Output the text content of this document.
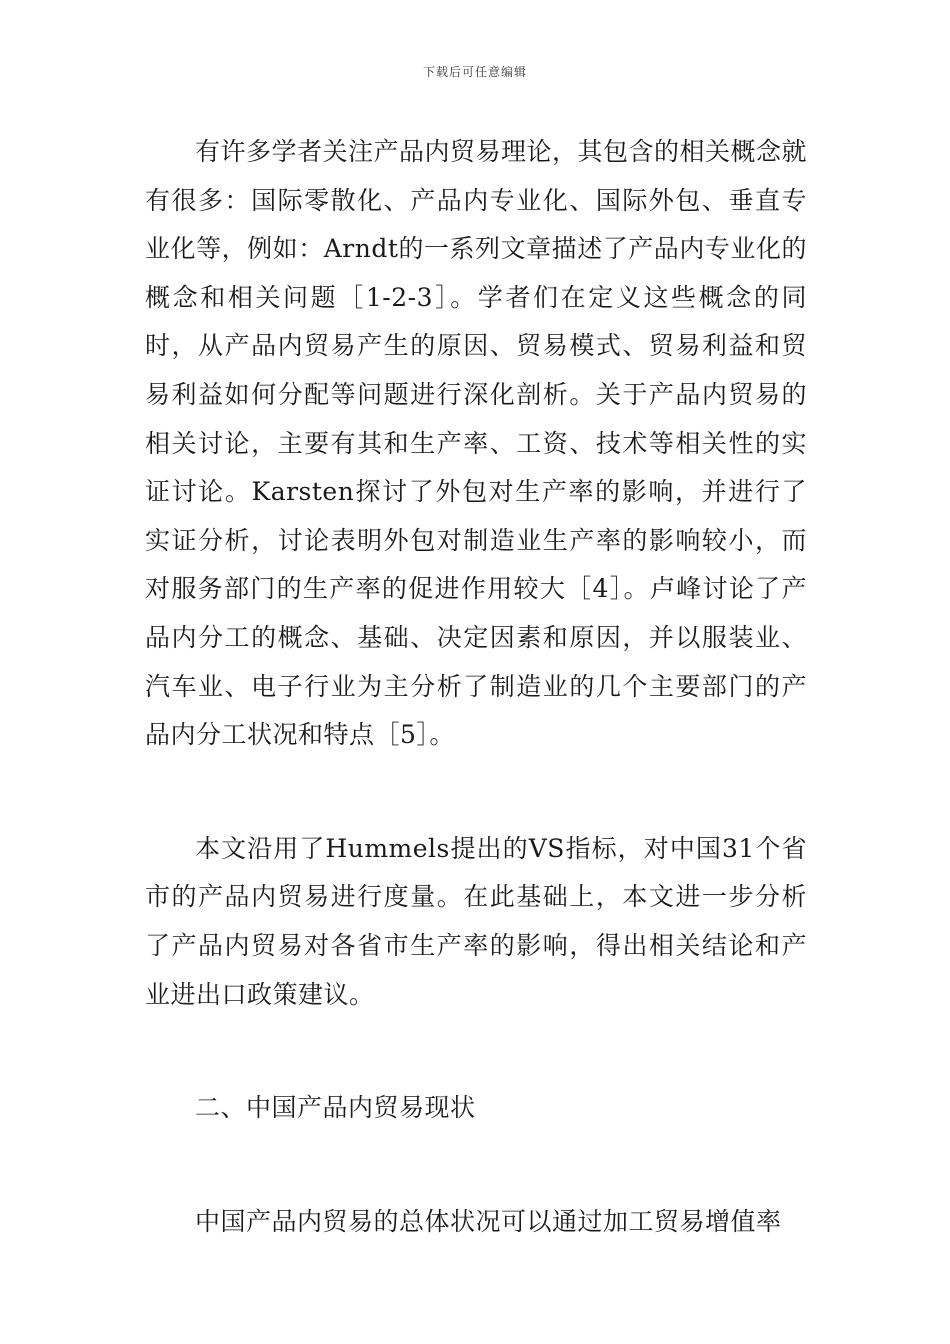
下载后可任意编辑

有许多学者关注产品内贸易理论，其包含的相关概念就有很多：国际零散化、产品内专业化、国际外包、垂直专业化等，例如：Arndt的一系列文章描述了产品内专业化的概念和相关问题［1-2-3］。学者们在定义这些概念的同时，从产品内贸易产生的原因、贸易模式、贸易利益和贸易利益如何分配等问题进行深化剖析。关于产品内贸易的相关讨论，主要有其和生产率、工资、技术等相关性的实证讨论。Karsten探讨了外包对生产率的影响，并进行了实证分析，讨论表明外包对制造业生产率的影响较小，而对服务部门的生产率的促进作用较大［4］。卢峰讨论了产品内分工的概念、基础、决定因素和原因，并以服装业、汽车业、电子行业为主分析了制造业的几个主要部门的产品内分工状况和特点［5］。

本文沿用了Hummels提出的VS指标，对中国31个省市的产品内贸易进行度量。在此基础上，本文进一步分析了产品内贸易对各省市生产率的影响，得出相关结论和产业进出口政策建议。

二、中国产品内贸易现状

中国产品内贸易的总体状况可以通过加工贸易增值率
